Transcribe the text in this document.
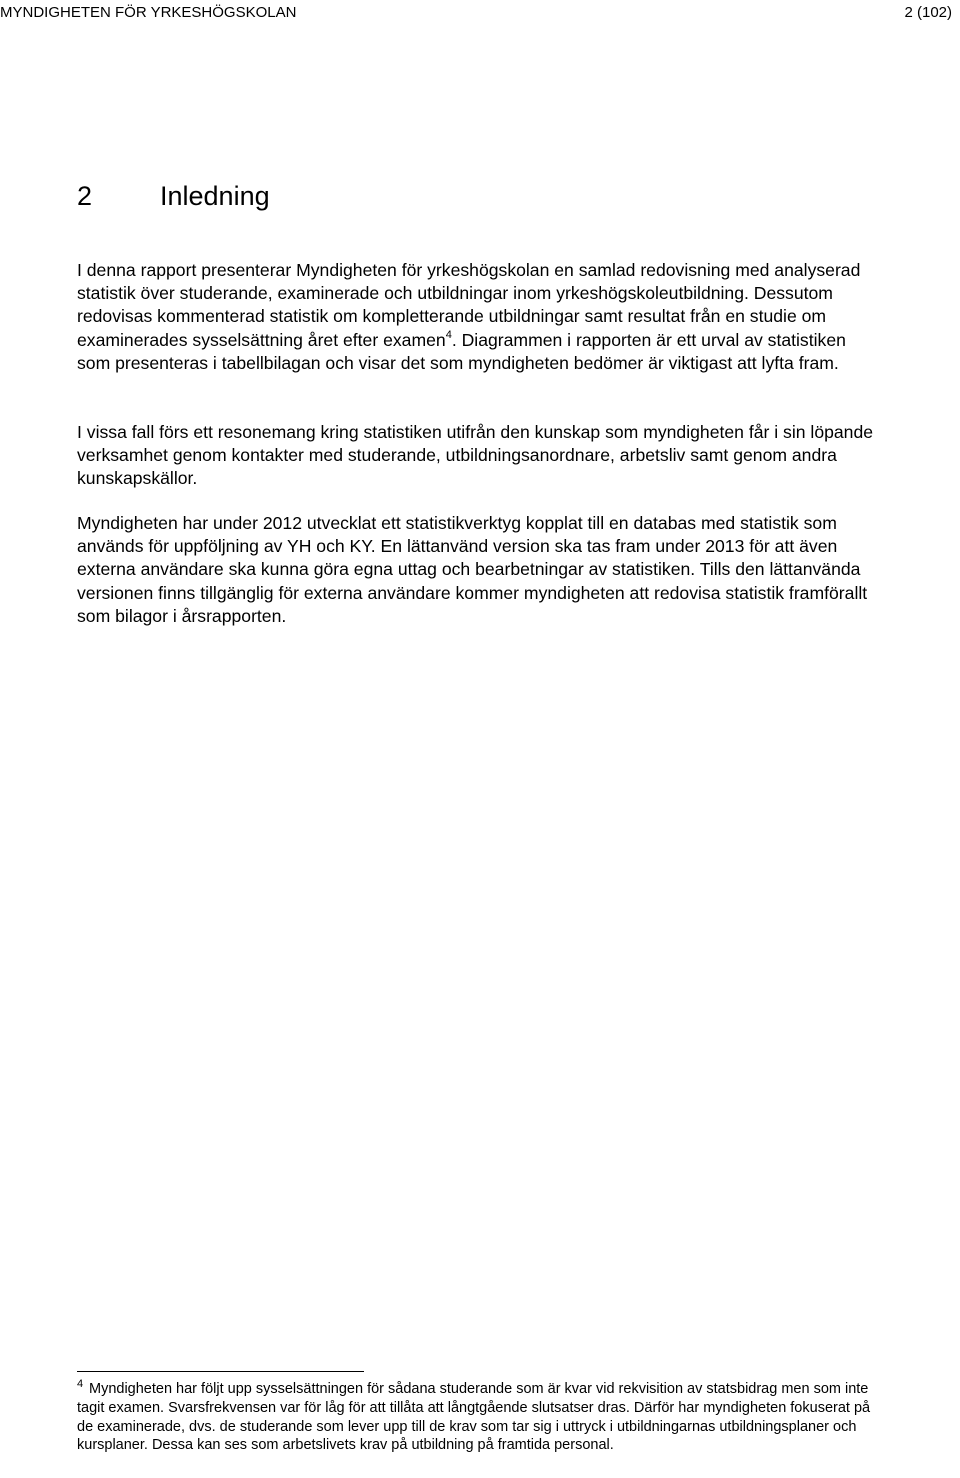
MYNDIGHETEN FÖR YRKESHÖGSKOLAN	2 (102)
2	Inledning

I denna rapport presenterar Myndigheten för yrkeshögskolan en samlad redovisning med analyserad statistik över studerande, examinerade och utbildningar inom yrkeshögskoleutbildning. Dessutom redovisas kommenterad statistik om kompletterande utbildningar samt resultat från en studie om examinerades sysselsättning året efter examen$^4$. Diagrammen i rapporten är ett urval av statistiken som presenteras i tabellbilagan och visar det som myndigheten bedömer är viktigast att lyfta fram.

I vissa fall förs ett resonemang kring statistiken utifrån den kunskap som myndigheten får i sin löpande verksamhet genom kontakter med studerande, utbildningsanordnare, arbetsliv samt genom andra kunskapskällor.

Myndigheten har under 2012 utvecklat ett statistikverktyg kopplat till en databas med statistik som används för uppföljning av YH och KY. En lättanvänd version ska tas fram under 2013 för att även externa användare ska kunna göra egna uttag och bearbetningar av statistiken. Tills den lättanvända versionen finns tillgänglig för externa användare kommer myndigheten att redovisa statistik framförallt som bilagor i årsrapporten.

4 Myndigheten har följt upp sysselsättningen för sådana studerande som är kvar vid rekvisition av statsbidrag men som inte tagit examen. Svarsfrekvensen var för låg för att tillåta att långtgående slutsatser dras. Därför har myndigheten fokuserat på de examinerade, dvs. de studerande som lever upp till de krav som tar sig i uttryck i utbildningarnas utbildningsplaner och kursplaner. Dessa kan ses som arbetslivets krav på utbildning på framtida personal.
